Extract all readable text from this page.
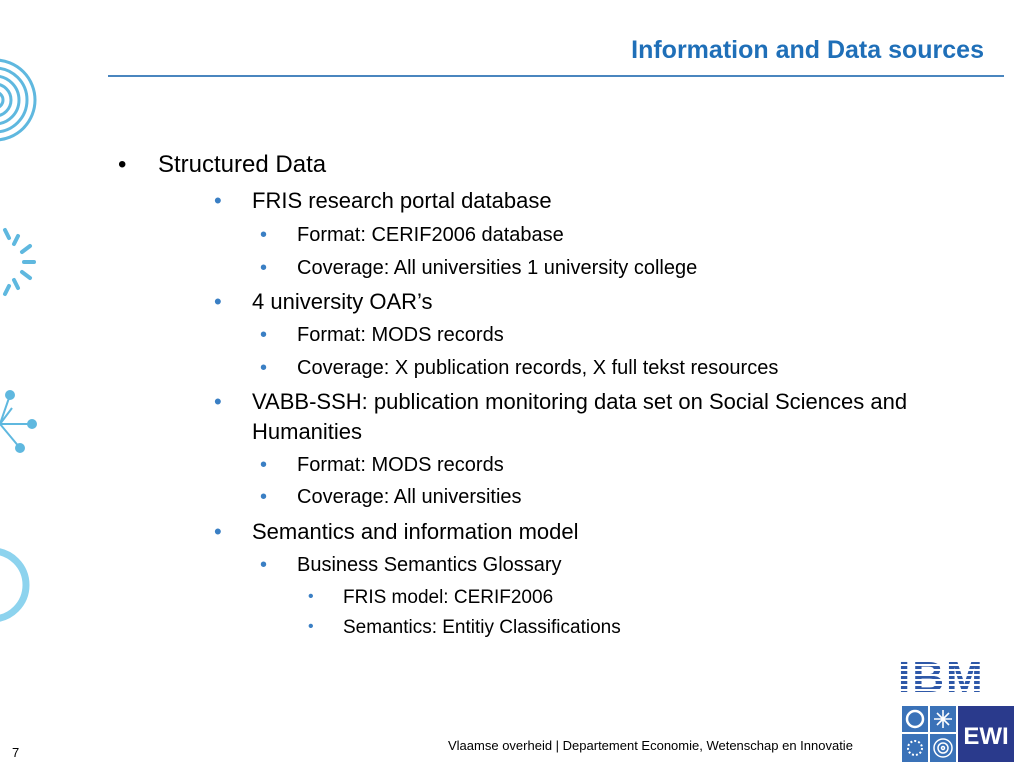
Information and Data sources
• Structured Data
• FRIS research portal database
• Format: CERIF2006 database
• Coverage: All universities 1 university college
• 4 university OAR’s
• Format: MODS records
• Coverage: X publication records, X full tekst resources
• VABB-SSH: publication monitoring data set on Social Sciences and
Humanities
• Format: MODS records
• Coverage: All universities
• Semantics and information model
• Business Semantics Glossary
• FRIS model: CERIF2006
• Semantics: Entitiy Classifications
IBM
EWI
7	Vlaamse overheid | Departement Economie, Wetenschap en Innovatie
